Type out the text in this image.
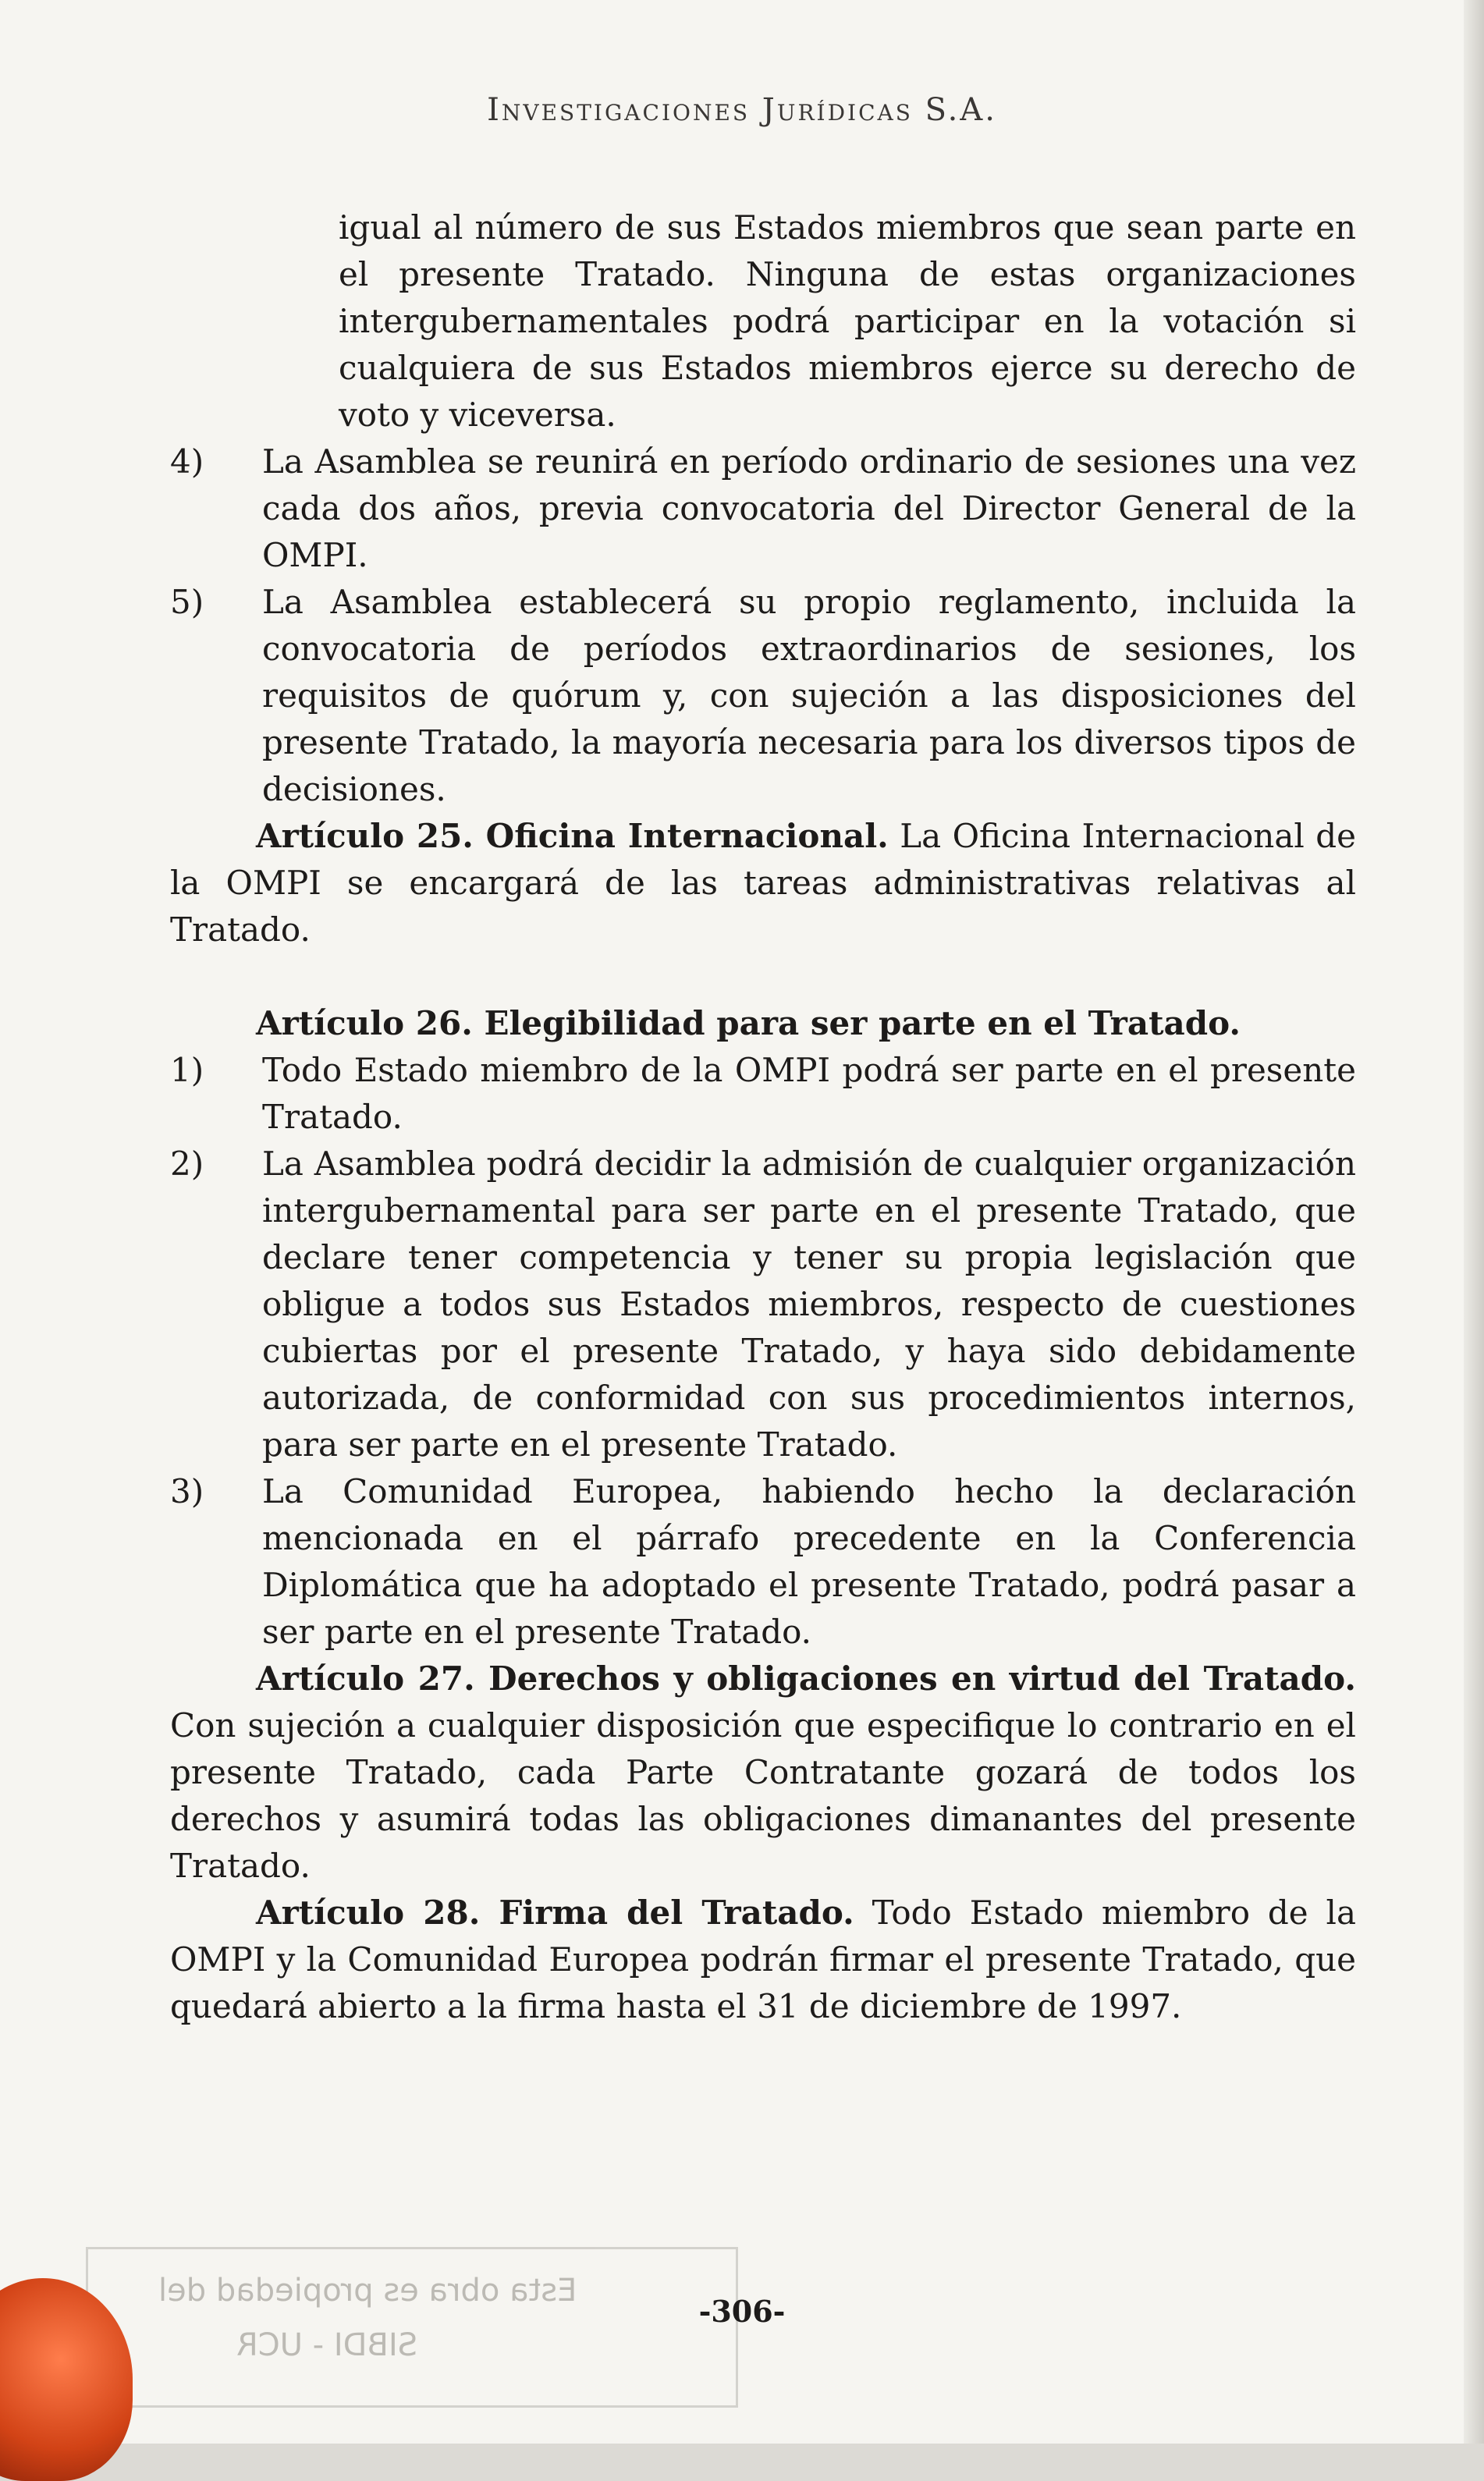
Investigaciones Jurídicas S.A.

igual al número de sus Estados miembros que sean parte en el presente Tratado. Ninguna de estas organizaciones intergubernamentales podrá participar en la votación si cualquiera de sus Estados miembros ejerce su derecho de voto y viceversa.

4)	La Asamblea se reunirá en período ordinario de sesiones una vez cada dos años, previa convocatoria del Director General de la OMPI.
5)	La Asamblea establecerá su propio reglamento, incluida la convocatoria de períodos extraordinarios de sesiones, los requisitos de quórum y, con sujeción a las disposiciones del presente Tratado, la mayoría necesaria para los diversos tipos de decisiones.

Artículo 25. Oficina Internacional. La Oficina Internacional de la OMPI se encargará de las tareas administrativas relativas al Tratado.

Artículo 26. Elegibilidad para ser parte en el Tratado.

1)	Todo Estado miembro de la OMPI podrá ser parte en el presente Tratado.
2)	La Asamblea podrá decidir la admisión de cualquier organización intergubernamental para ser parte en el presente Tratado, que declare tener competencia y tener su propia legislación que obligue a todos sus Estados miembros, respecto de cuestiones cubiertas por el presente Tratado, y haya sido debidamente autorizada, de conformidad con sus procedimientos internos, para ser parte en el presente Tratado.
3)	La Comunidad Europea, habiendo hecho la declaración mencionada en el párrafo precedente en la Conferencia Diplomática que ha adoptado el presente Tratado, podrá pasar a ser parte en el presente Tratado.

Artículo 27. Derechos y obligaciones en virtud del Tratado. Con sujeción a cualquier disposición que especifique lo contrario en el presente Tratado, cada Parte Contratante gozará de todos los derechos y asumirá todas las obligaciones dimanantes del presente Tratado.

Artículo 28. Firma del Tratado. Todo Estado miembro de la OMPI y la Comunidad Europea podrán firmar el presente Tratado, que quedará abierto a la firma hasta el 31 de diciembre de 1997.

Esta obra es propiedad del
SIBDI - UCR
-306-
